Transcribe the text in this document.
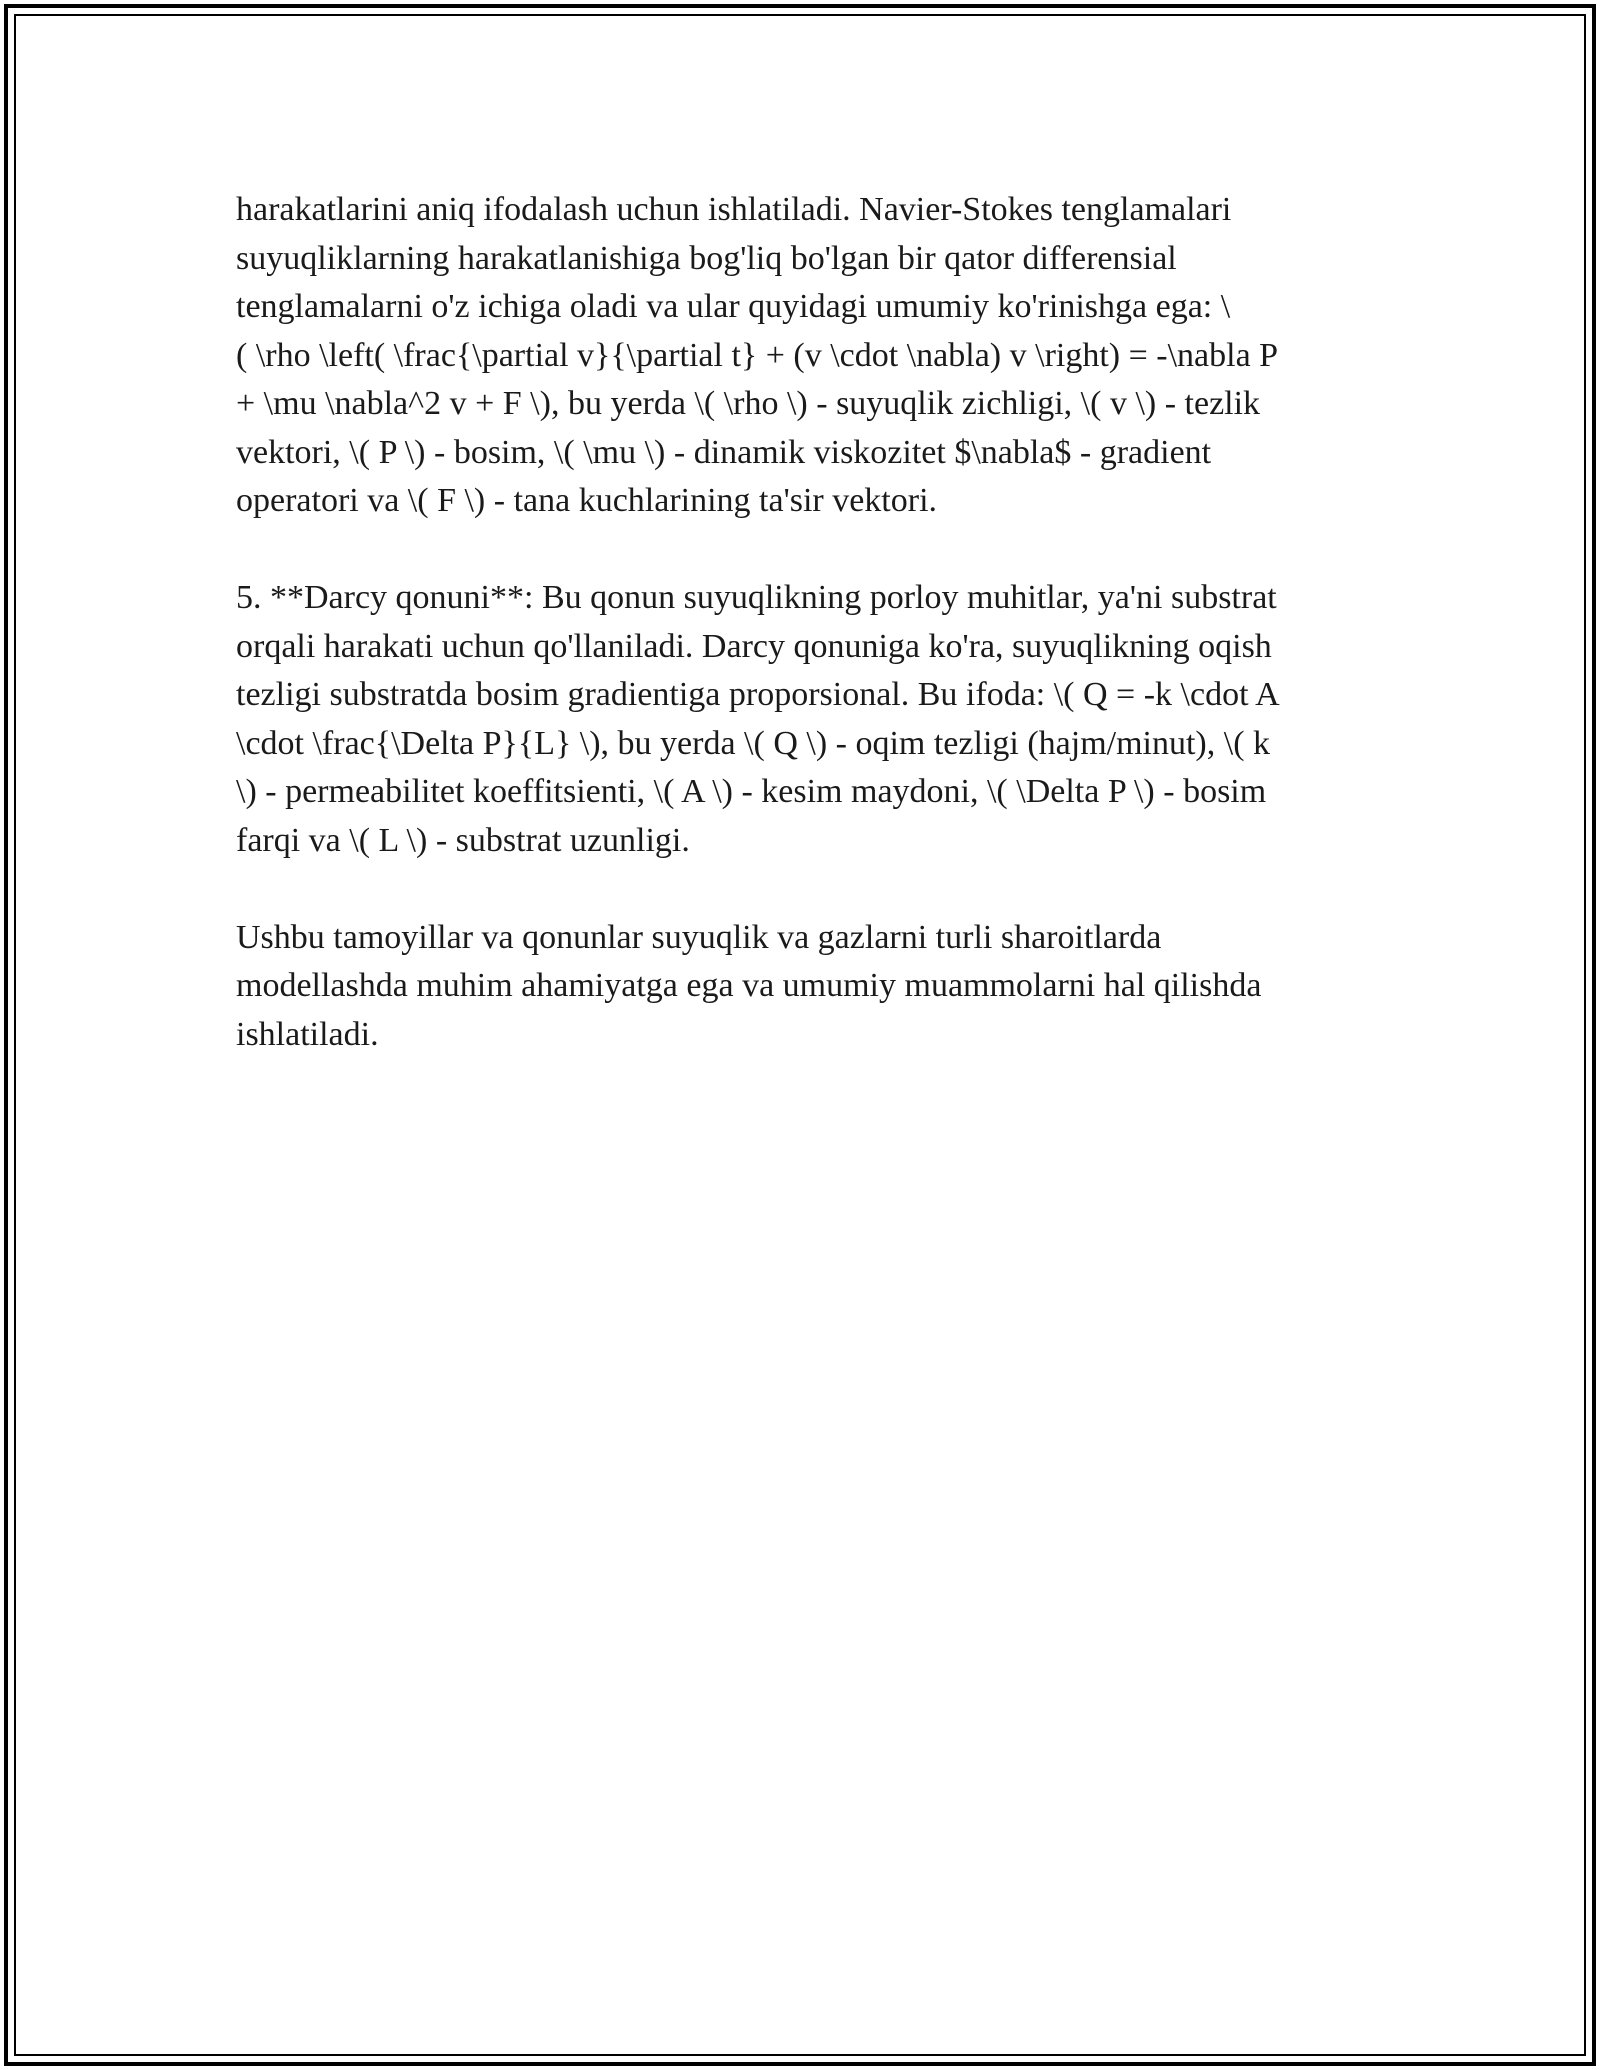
harakatlarini aniq ifodalash uchun ishlatiladi. Navier-Stokes tenglamalari
suyuqliklarning harakatlanishiga bog'liq bo'lgan bir qator differensial
tenglamalarni o'z ichiga oladi va ular quyidagi umumiy ko'rinishga ega: \
( \rho \left( \frac{\partial v}{\partial t} + (v \cdot \nabla) v \right) = -\nabla P
+ \mu \nabla^2 v + F \), bu yerda \( \rho \) - suyuqlik zichligi, \( v \) - tezlik
vektori, \( P \) - bosim, \( \mu \) - dinamik viskozitet $\nabla$ - gradient
operatori va \( F \) - tana kuchlarining ta'sir vektori.

5. **Darcy qonuni**: Bu qonun suyuqlikning porloy muhitlar, ya'ni substrat
orqali harakati uchun qo'llaniladi. Darcy qonuniga ko'ra, suyuqlikning oqish
tezligi substratda bosim gradientiga proporsional. Bu ifoda: \( Q = -k \cdot A
\cdot \frac{\Delta P}{L} \), bu yerda \( Q \) - oqim tezligi (hajm/minut), \( k
\) - permeabilitet koeffitsienti, \( A \) - kesim maydoni, \( \Delta P \) - bosim
farqi va \( L \) - substrat uzunligi.

Ushbu tamoyillar va qonunlar suyuqlik va gazlarni turli sharoitlarda
modellashda muhim ahamiyatga ega va umumiy muammolarni hal qilishda
ishlatiladi.
